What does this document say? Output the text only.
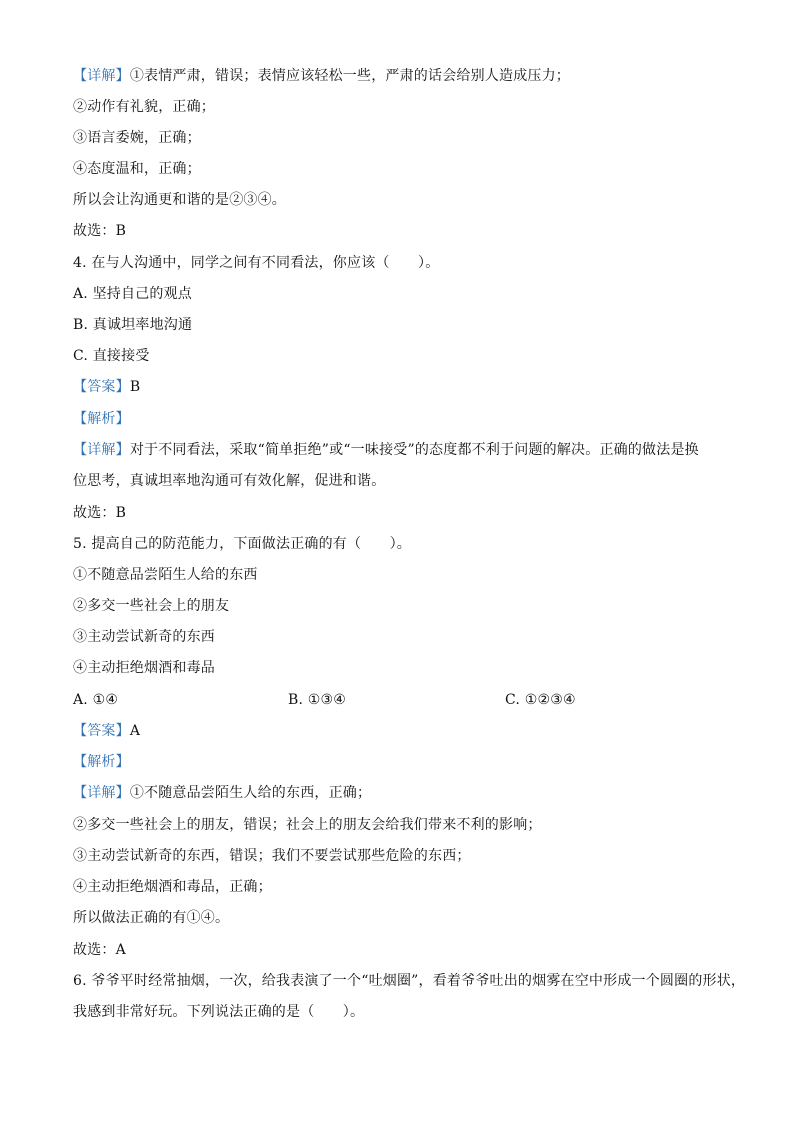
【详解】①表情严肃，错误；表情应该轻松一些，严肃的话会给别人造成压力；
②动作有礼貌，正确；
③语言委婉，正确；
④态度温和，正确；
所以会让沟通更和谐的是②③④。
故选：B
4. 在与人沟通中，同学之间有不同看法，你应该（　　）。
A. 坚持自己的观点
B. 真诚坦率地沟通
C. 直接接受
【答案】B
【解析】
【详解】对于不同看法，采取“简单拒绝”或“一味接受”的态度都不利于问题的解决。正确的做法是换
位思考，真诚坦率地沟通可有效化解，促进和谐。
故选：B
5. 提高自己的防范能力，下面做法正确的有（　　）。
①不随意品尝陌生人给的东西
②多交一些社会上的朋友
③主动尝试新奇的东西
④主动拒绝烟酒和毒品
A. ①④	B. ①③④	C. ①②③④
【答案】A
【解析】
【详解】①不随意品尝陌生人给的东西，正确；
②多交一些社会上的朋友，错误；社会上的朋友会给我们带来不利的影响；
③主动尝试新奇的东西，错误；我们不要尝试那些危险的东西；
④主动拒绝烟酒和毒品，正确；
所以做法正确的有①④。
故选：A
6. 爷爷平时经常抽烟，一次，给我表演了一个“吐烟圈”，看着爷爷吐出的烟雾在空中形成一个圆圈的形状，
我感到非常好玩。下列说法正确的是（　　）。
